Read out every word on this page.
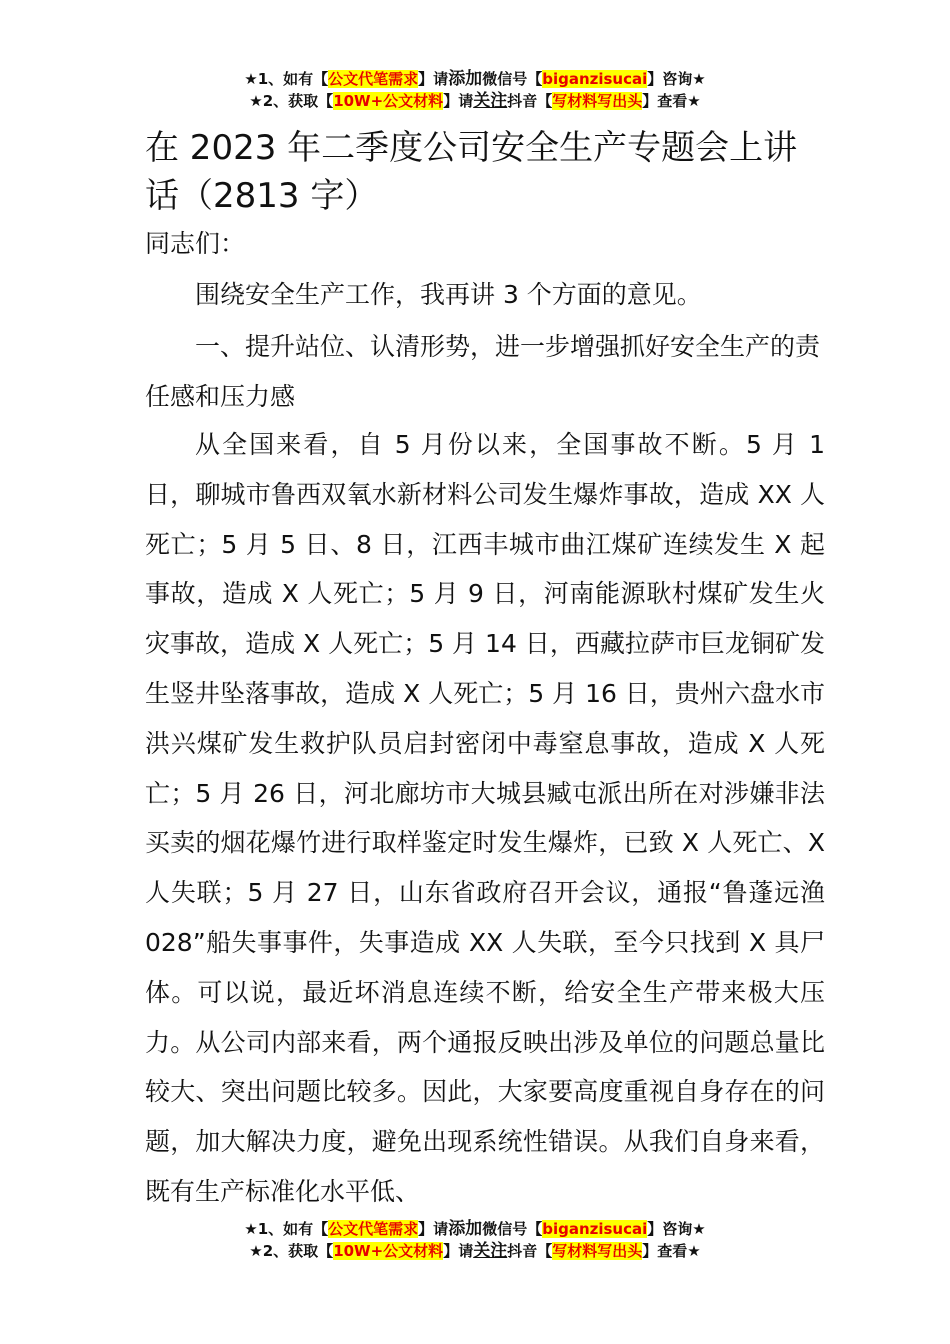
★1、如有【公文代笔需求】请添加微信号【biganzisucai】咨询★
★2、获取【10W+公文材料】请关注抖音【写材料写出头】查看★
在 2023 年二季度公司安全生产专题会上讲话（2813 字）

同志们：

围绕安全生产工作，我再讲 3 个方面的意见。

一、提升站位、认清形势，进一步增强抓好安全生产的责任感和压力感

从全国来看，自 5 月份以来，全国事故不断。5 月 1 日，聊城市鲁西双氧水新材料公司发生爆炸事故，造成 XX 人死亡；5 月 5 日、8 日，江西丰城市曲江煤矿连续发生 X 起事故，造成 X 人死亡；5 月 9 日，河南能源耿村煤矿发生火灾事故，造成 X 人死亡；5 月 14 日，西藏拉萨市巨龙铜矿发生竖井坠落事故，造成 X 人死亡；5 月 16 日，贵州六盘水市洪兴煤矿发生救护队员启封密闭中毒窒息事故，造成 X 人死亡；5 月 26 日，河北廊坊市大城县臧屯派出所在对涉嫌非法买卖的烟花爆竹进行取样鉴定时发生爆炸，已致 X 人死亡、X 人失联；5 月 27 日，山东省政府召开会议，通报“鲁蓬远渔 028”船失事事件，失事造成 XX 人失联，至今只找到 X 具尸体。可以说，最近坏消息连续不断，给安全生产带来极大压力。从公司内部来看，两个通报反映出涉及单位的问题总量比较大、突出问题比较多。因此，大家要高度重视自身存在的问题，加大解决力度，避免出现系统性错误。从我们自身来看，既有生产标准化水平低、

★1、如有【公文代笔需求】请添加微信号【biganzisucai】咨询★
★2、获取【10W+公文材料】请关注抖音【写材料写出头】查看★
